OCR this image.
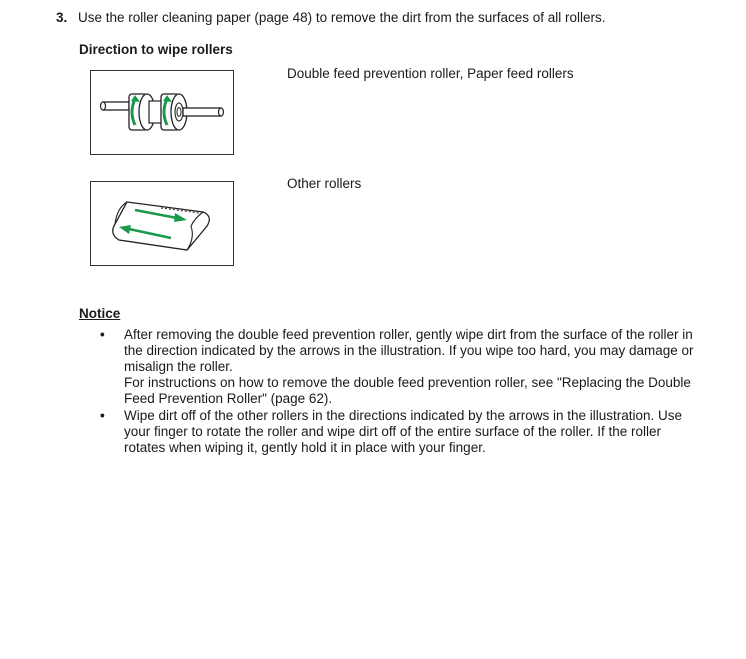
3. Use the roller cleaning paper (page 48) to remove the dirt from the surfaces of all rollers.
Direction to wipe rollers
Double feed prevention roller, Paper feed rollers
Other rollers
Notice
• After removing the double feed prevention roller, gently wipe dirt from the surface of the roller in the direction indicated by the arrows in the illustration. If you wipe too hard, you may damage or misalign the roller.
For instructions on how to remove the double feed prevention roller, see "Replacing the Double Feed Prevention Roller" (page 62).
• Wipe dirt off of the other rollers in the directions indicated by the arrows in the illustration. Use your finger to rotate the roller and wipe dirt off of the entire surface of the roller. If the roller rotates when wiping it, gently hold it in place with your finger.
